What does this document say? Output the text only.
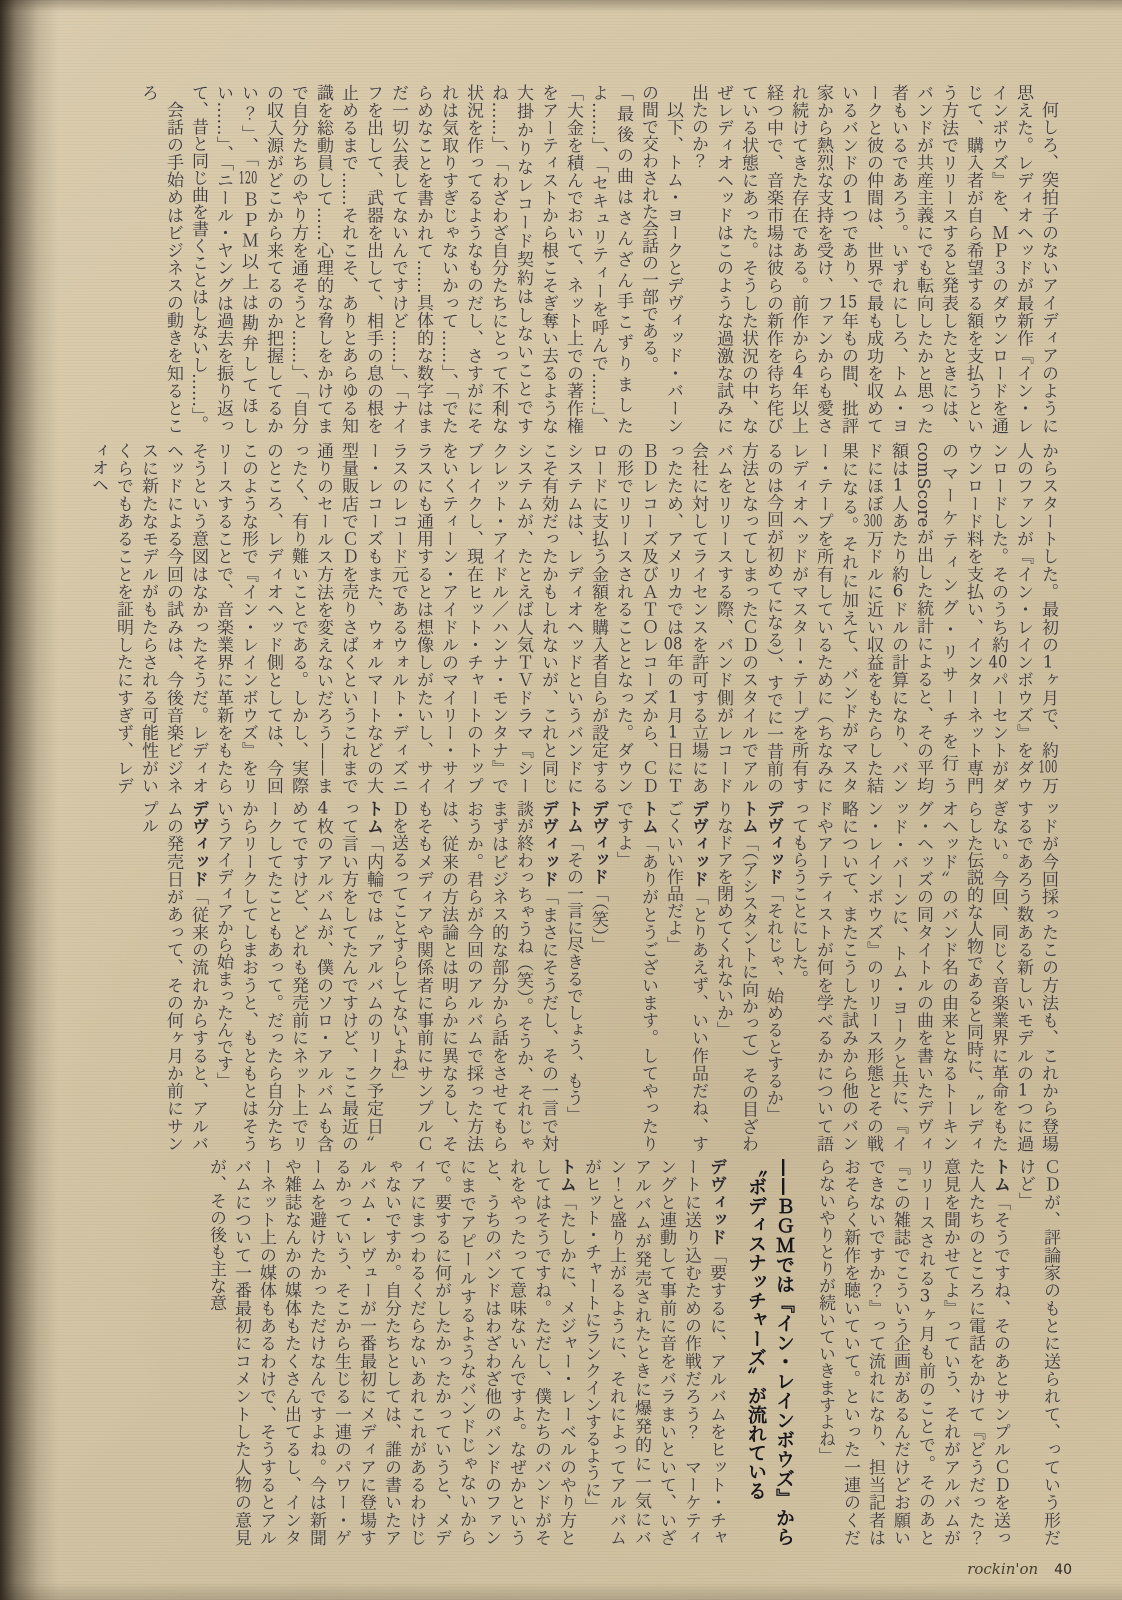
何しろ、突拍子のないアイディアのように思えた。レディオヘッドが最新作『イン・レインボウズ』を、ＭＰ３のダウンロードを通じて、購入者が自ら希望する額を支払うという方法でリリースすると発表したときには、バンドが共産主義にでも転向したかと思った者もいるであろう。いずれにしろ、トム・ヨークと彼の仲間は、世界で最も成功を収めているバンドの1つであり、15年もの間、批評家から熱烈な支持を受け、ファンからも愛され続けてきた存在である。前作から4年以上経つ中で、音楽市場は彼らの新作を待ち侘びている状態にあった。そうした状況の中、なぜレディオヘッドはこのような過激な試みに出たのか？

以下、トム・ヨークとデヴィッド・バーンの間で交わされた会話の一部である。

「最後の曲はさんざん手こずりましたよ……」、「セキュリティーを呼んで……」、「大金を積んでおいて、ネット上での著作権をアーティストから根こそぎ奪い去るような大掛かりなレコード契約はしないことですね……」、「わざわざ自分たちにとって不利な状況を作ってるようなものだし、さすがにそれは気取りすぎじゃないかって……」、「でたらめなことを書かれて……具体的な数字はまだ一切公表してないんですけど……」、「ナイフを出して、武器を出して、相手の息の根を止めるまで……それこそ、ありとあらゆる知識を総動員して……心理的な脅しをかけてまで自分たちのやり方を通そうと……」、「自分の収入源がどこから来てるのか把握してるかい？」、「120ＢＰＭ以上は勘弁してほしい……」、「ニール・ヤングは過去を振り返って、昔と同じ曲を書くことはしないし……」。

会話の手始めはビジネスの動きを知るところ

からスタートした。最初の1ヶ月で、約100万人のファンが『イン・レインボウズ』をダウンロードした。そのうち約40パーセントがダウンロード料を支払い、インターネット専門のマーケティング・リサーチを行うcomScoreが出した統計によると、その平均額は1人あたり約6ドルの計算になり、バンドにほぼ300万ドルに近い収益をもたらした結果になる。それに加えて、バンドがマスター・テープを所有しているために（ちなみにレディオヘッドがマスター・テープを所有するのは今回が初めてになる）、すでに一昔前の方法となってしまったＣＤのスタイルでアルバムをリリースする際、バンド側がレコード会社に対してライセンスを許可する立場にあったため、アメリカでは08年の1月1日にＴＢＤレコーズ及びＡＴＯレコーズから、ＣＤの形でリリースされることとなった。ダウンロードに支払う金額を購入者自らが設定するシステムは、レディオヘッドというバンドにこそ有効だったかもしれないが、これと同じシステムが、たとえば人気ＴＶドラマ『シークレット・アイドル／ハンナ・モンタナ』でブレイクし、現在ヒット・チャートのトップをいくティーン・アイドルのマイリー・サイラスにも通用するとは想像しがたいし、サイラスのレコード元であるウォルト・ディズニー・レコーズもまた、ウォルマートなどの大型量販店でＣＤを売りさばくというこれまで通りのセールス方法を変えないだろう——まったく、有り難いことである。しかし、実際のところ、レディオヘッド側としては、今回このような形で『イン・レインボウズ』をリリースすることで、音楽業界に革新をもたらそうという意図はなかったそうだ。レディオヘッドによる今回の試みは、今後音楽ビジネスに新たなモデルがもたらされる可能性がいくらでもあることを証明したにすぎず、レディオヘ

ッドが今回採ったこの方法も、これから登場するであろう数ある新しいモデルの1つに過ぎない。今回、同じく音楽業界に革命をもたらした伝説的な人物であると同時に、〝レディオヘッド〟のバンド名の由来となるトーキング・ヘッズの同タイトルの曲を書いたデヴィッド・バーンに、トム・ヨークと共に、『イン・レインボウズ』のリリース形態とその戦略について、またこうした試みから他のバンドやアーティストが何を学べるかについて語ってもらうことにした。

デヴィッド「それじゃ、始めるとするか」

トム「（アシスタントに向かって）その目ざわりなドアを閉めてくれないか」

デヴィッド「とりあえず、いい作品だね、すごくいい作品だよ」

トム「ありがとうございます。してやったりですよ」

デヴィッド「（笑）」

トム「その一言に尽きるでしょう、もう」

デヴィッド「まさにそうだし、その一言で対談が終わっちゃうね（笑）。そうか、それじゃまずはビジネス的な部分から話をさせてもらおうか。君らが今回のアルバムで採った方法は、従来の方法論とは明らかに異なるし、そもそもメディアや関係者に事前にサンプルＣＤを送るってことすらしてないよね」

トム「内輪では〝アルバムのリーク予定日〟って言い方をしてたんですけど、ここ最近の4枚のアルバムが、僕のソロ・アルバムも含めてですけど、どれも発売前にネット上でリークしてたこともあって。だったら自分たちからリークしてしまおうと、もともとはそういうアイディアから始まったんです」

デヴィッド「従来の流れからすると、アルバムの発売日があって、その何ヶ月か前にサンプル

ＣＤが、評論家のもとに送られて、っていう形だけど」

トム「そうですね、そのあとサンプルＣＤを送った人たちのところに電話をかけて『どうだった？　意見を聞かせてよ』っていう、それがアルバムがリリースされる3ヶ月も前のことで。そのあと『この雑誌でこういう企画があるんだけどお願いできないですか？』って流れになり、担当記者はおそらく新作を聴いていて。といった一連のくだらないやりとりが続いていきますよね」

——ＢＧＭでは『イン・レインボウズ』から〝ボディスナッチャーズ〟が流れている

デヴィッド「要するに、アルバムをヒット・チャートに送り込むための作戦だろう？　マーケティングと連動して事前に音をバラまいといて、いざアルバムが発売されたときに爆発的に一気にバン！と盛り上がるように、それによってアルバムがヒット・チャートにランクインするように」

トム「たしかに、メジャー・レーベルのやり方としてはそうですね。ただし、僕たちのバンドがそれをやったって意味ないんですよ。なぜかというと、うちのバンドはわざわざ他のバンドのファンにまでアピールするようなバンドじゃないからで。要するに何がしたかったかっていうと、メディアにまつわるくだらないあれこれがあるわけじゃないですか。自分たちとしては、誰の書いたアルバム・レヴューが一番最初にメディアに登場するかっていう、そこから生じる一連のパワー・ゲームを避けたかっただけなんですよね。今は新聞や雑誌なんかの媒体もたくさん出てるし、インターネット上の媒体もあるわけで、そうするとアルバムについて一番最初にコメントした人物の意見が、その後も主な意

rockin'on 40
